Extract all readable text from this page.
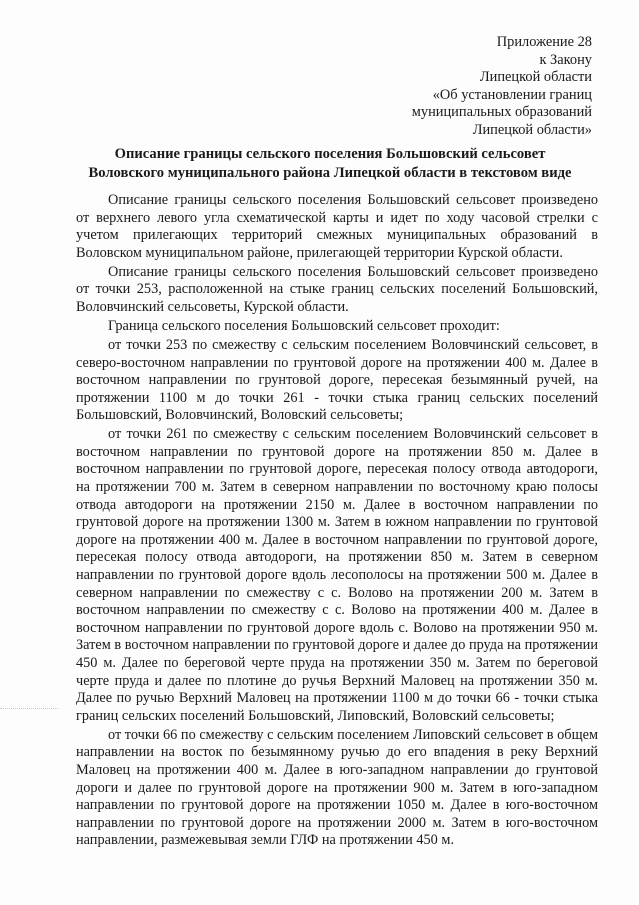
Приложение 28
к Закону
Липецкой области
«Об установлении границ
муниципальных образований
Липецкой области»
Описание границы сельского поселения Большовский сельсовет
Воловского муниципального района Липецкой области в текстовом виде

Описание границы сельского поселения Большовский сельсовет произведено от верхнего левого угла схематической карты и идет по ходу часовой стрелки с учетом прилегающих территорий смежных муниципальных образований в Воловском муниципальном районе, прилегающей территории Курской области.

Описание границы сельского поселения Большовский сельсовет произведено от точки 253, расположенной на стыке границ сельских поселений Большовский, Воловчинский сельсоветы, Курской области.

Граница сельского поселения Большовский сельсовет проходит:

от точки 253 по смежеству с сельским поселением Воловчинский сельсовет, в северо-восточном направлении по грунтовой дороге на протяжении 400 м. Далее в восточном направлении по грунтовой дороге, пересекая безымянный ручей, на протяжении 1100 м до точки 261 - точки стыка границ сельских поселений Большовский, Воловчинский, Воловский сельсоветы;

от точки 261 по смежеству с сельским поселением Воловчинский сельсовет в восточном направлении по грунтовой дороге на протяжении 850 м. Далее в восточном направлении по грунтовой дороге, пересекая полосу отвода автодороги, на протяжении 700 м. Затем в северном направлении по восточному краю полосы отвода автодороги на протяжении 2150 м. Далее в восточном направлении по грунтовой дороге на протяжении 1300 м. Затем в южном направлении по грунтовой дороге на протяжении 400 м. Далее в восточном направлении по грунтовой дороге, пересекая полосу отвода автодороги, на протяжении 850 м. Затем в северном направлении по грунтовой дороге вдоль лесополосы на протяжении 500 м. Далее в северном направлении по смежеству с с. Волово на протяжении 200 м. Затем в восточном направлении по смежеству с с. Волово на протяжении 400 м. Далее в восточном направлении по грунтовой дороге вдоль с. Волово на протяжении 950 м. Затем в восточном направлении по грунтовой дороге и далее до пруда на протяжении 450 м. Далее по береговой черте пруда на протяжении 350 м. Затем по береговой черте пруда и далее по плотине до ручья Верхний Маловец на протяжении 350 м. Далее по ручью Верхний Маловец на протяжении 1100 м до точки 66 - точки стыка границ сельских поселений Большовский, Липовский, Воловский сельсоветы;

от точки 66 по смежеству с сельским поселением Липовский сельсовет в общем направлении на восток по безымянному ручью до его впадения в реку Верхний Маловец на протяжении 400 м. Далее в юго-западном направлении до грунтовой дороги и далее по грунтовой дороге на протяжении 900 м. Затем в юго-западном направлении по грунтовой дороге на протяжении 1050 м. Далее в юго-восточном направлении по грунтовой дороге на протяжении 2000 м. Затем в юго-восточном направлении, размежевывая земли ГЛФ на протяжении 450 м.
